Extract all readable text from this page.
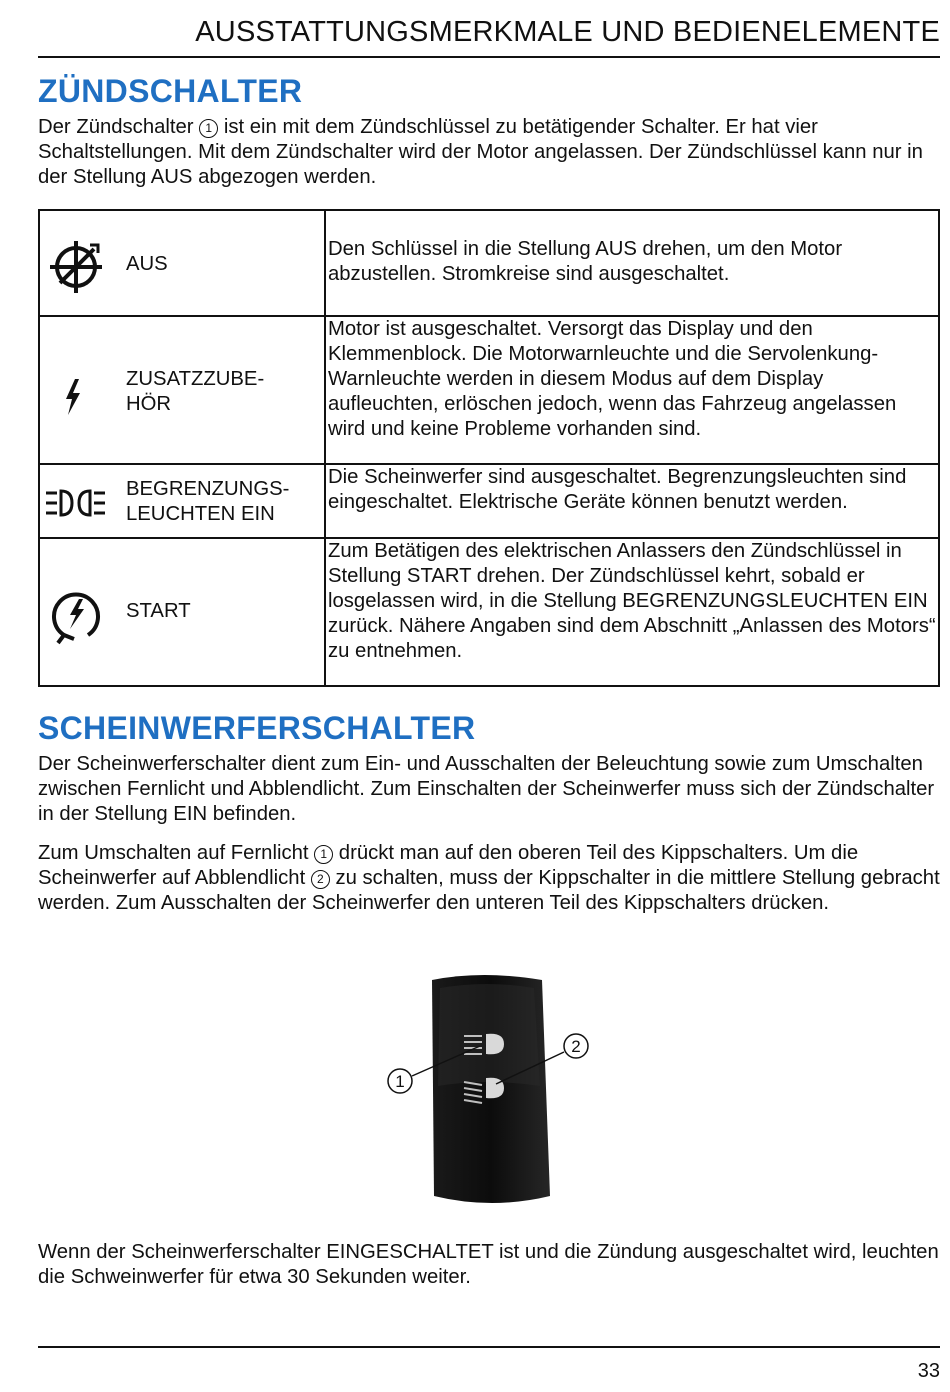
AUSSTATTUNGSMERKMALE UND BEDIENELEMENTE
ZÜNDSCHALTER

Der Zündschalter 1 ist ein mit dem Zündschlüssel zu betätigender Schalter. Er hat vier Schaltstellungen. Mit dem Zündschalter wird der Motor angelassen. Der Zündschlüssel kann nur in der Stellung AUS abgezogen werden.

AUS	Den Schlüssel in die Stellung AUS drehen, um den Motor abzustellen. Stromkreise sind ausgeschaltet.

ZUSATZZUBE-
HÖR	Motor ist ausgeschaltet. Versorgt das Display und den Klemmenblock. Die Motorwarnleuchte und die Servolenkung-Warnleuchte werden in diesem Modus auf dem Display aufleuchten, erlöschen jedoch, wenn das Fahrzeug angelassen wird und keine Probleme vorhanden sind.

BEGRENZUNGS-
LEUCHTEN EIN	Die Scheinwerfer sind ausgeschaltet. Begrenzungsleuchten sind eingeschaltet. Elektrische Geräte können benutzt werden.

START	Zum Betätigen des elektrischen Anlassers den Zündschlüssel in Stellung START drehen. Der Zündschlüssel kehrt, sobald er losgelassen wird, in die Stellung BEGRENZUNGSLEUCHTEN EIN zurück. Nähere Angaben sind dem Abschnitt „Anlassen des Motors“ zu entnehmen.
SCHEINWERFERSCHALTER

Der Scheinwerferschalter dient zum Ein- und Ausschalten der Beleuchtung sowie zum Umschalten zwischen Fernlicht und Abblendlicht. Zum Einschalten der Scheinwerfer muss sich der Zündschalter in der Stellung EIN befinden.

Zum Umschalten auf Fernlicht 1 drückt man auf den oberen Teil des Kippschalters. Um die Scheinwerfer auf Abblendlicht 2 zu schalten, muss der Kippschalter in die mittlere Stellung gebracht werden. Zum Ausschalten der Scheinwerfer den unteren Teil des Kippschalters drücken.

1
2

Wenn der Scheinwerferschalter EINGESCHALTET ist und die Zündung ausgeschaltet wird, leuchten die Schweinwerfer für etwa 30 Sekunden weiter.

33
